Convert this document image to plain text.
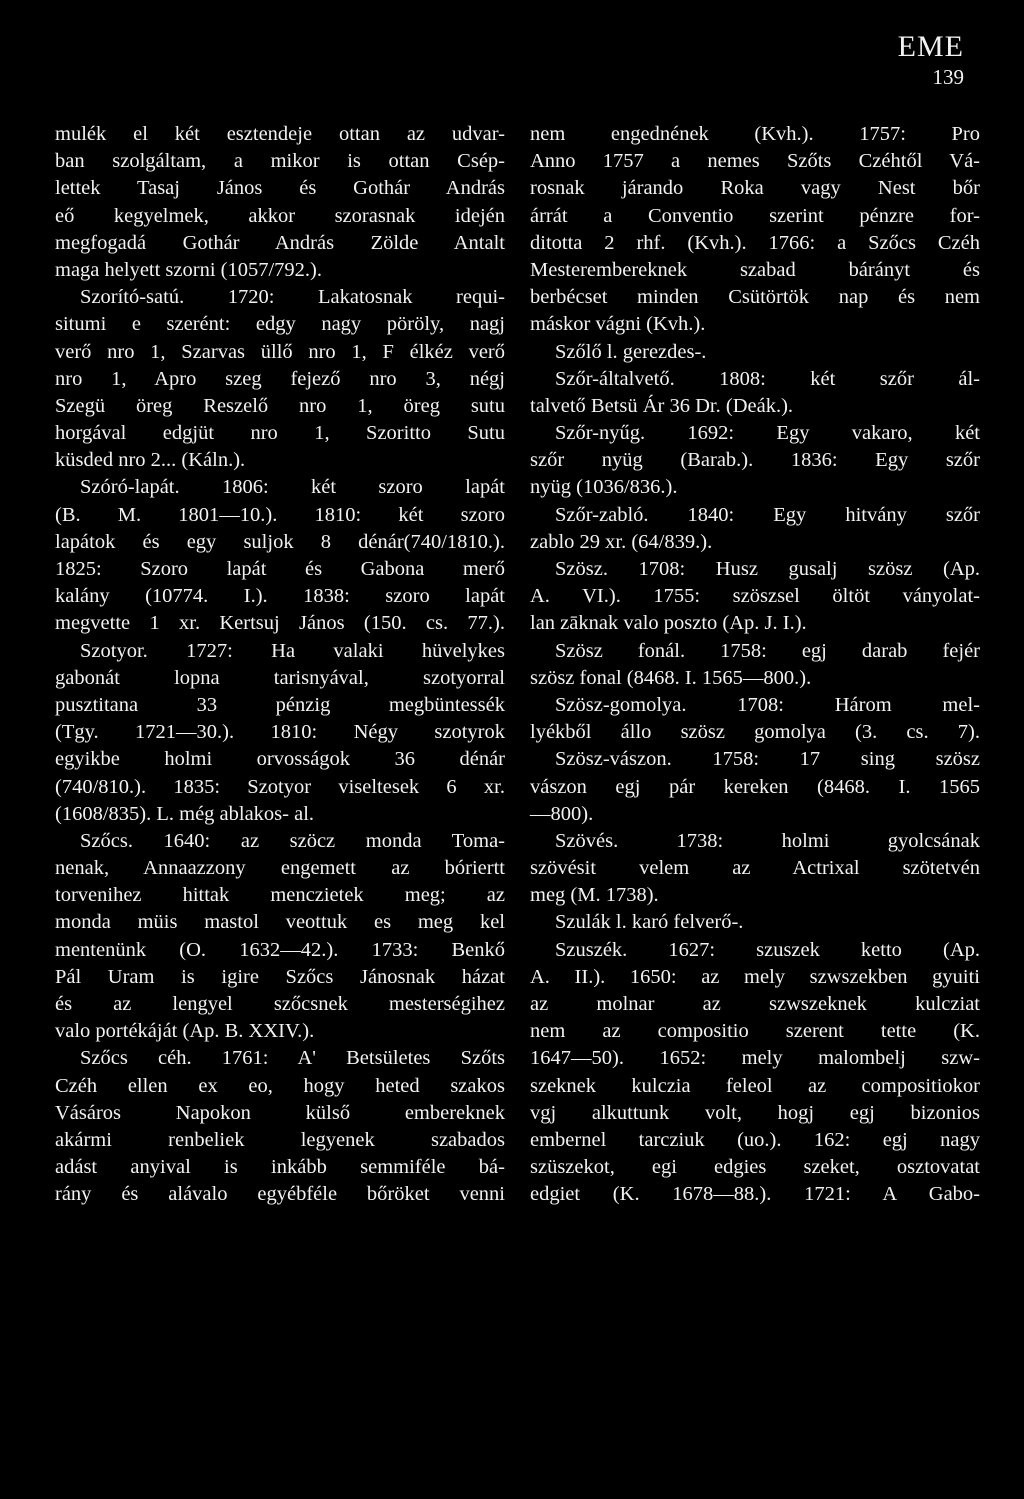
EME
139
mulék el két esztendeje ottan az udvar-
ban szolgáltam, a mikor is ottan Csép-
lettek Tasaj János és Gothár András
eő kegyelmek, akkor szorasnak idején
megfogadá Gothár András Zölde Antalt
maga helyett szorni (1057/792.).
Szorító-satú. 1720: Lakatosnak requi-
situmi e szerént: edgy nagy pöröly, nagj
verő nro 1, Szarvas üllő nro 1, F élkéz verő
nro 1, Apro szeg fejező nro 3, négj
Szegü öreg Reszelő nro 1, öreg sutu
horgával edgjüt nro 1, Szoritto Sutu
küsded nro 2... (Káln.).
Szóró-lapát. 1806: két szoro lapát
(B. M. 1801—10.). 1810: két szoro
lapátok és egy suljok 8 dénár(740/1810.).
1825: Szoro lapát és Gabona merő
kalány (10774. I.). 1838: szoro lapát
megvette 1 xr. Kertsuj János (150. cs. 77.).
Szotyor. 1727: Ha valaki hüvelykes
gabonát lopna tarisnyával, szotyorral
pusztitana 33 pénzig megbüntessék
(Tgy. 1721—30.). 1810: Négy szotyrok
egyikbe holmi orvosságok 36 dénár
(740/810.). 1835: Szotyor viseltesek 6 xr.
(1608/835). L. még ablakos- al.
Szőcs. 1640: az szöcz monda Toma-
nenak, Annaazzony engemett az bóriertt
torvenihez hittak menczietek meg; az
monda müis mastol veottuk es meg kel
mentenünk (O. 1632—42.). 1733: Benkő
Pál Uram is igire Szőcs Jánosnak házat
és az lengyel szőcsnek mesterségihez
valo portékáját (Ap. B. XXIV.).
Szőcs céh. 1761: A' Betsületes Szőts
Czéh ellen ex eo, hogy heted szakos
Vásáros Napokon külső embereknek
akármi renbeliek legyenek szabados
adást anyival is inkább semmiféle bá-
rány és alávalo egyébféle bőröket venni
nem engednének (Kvh.). 1757: Pro
Anno 1757 a nemes Szőts Czéhtől Vá-
rosnak járando Roka vagy Nest bőr
árrát a Conventio szerint pénzre for-
ditotta 2 rhf. (Kvh.). 1766: a Szőcs Czéh
Mesterembereknek szabad bárányt és
berbécset minden Csütörtök nap és nem
máskor vágni (Kvh.).
Szőlő l. gerezdes-.
Szőr-általvető. 1808: két szőr ál-
talvető Betsü Ár 36 Dr. (Deák.).
Szőr-nyűg. 1692: Egy vakaro, két
szőr nyüg (Barab.). 1836: Egy szőr
nyüg (1036/836.).
Szőr-zabló. 1840: Egy hitvány szőr
zablo 29 xr. (64/839.).
Szösz. 1708: Husz gusalj szösz (Ap.
A. VI.). 1755: szöszsel öltöt ványolat-
lan zāknak valo poszto (Ap. J. I.).
Szösz fonál. 1758: egj darab fejér
szösz fonal (8468. I. 1565—800.).
Szösz-gomolya. 1708: Három mel-
lyékből állo szösz gomolya (3. cs. 7).
Szösz-vászon. 1758: 17 sing szösz
vászon egj pár kereken (8468. I. 1565
—800).
Szövés. 1738: holmi gyolcsának
szövésit velem az Actrixal szötetvén
meg (M. 1738).
Szulák l. karó felverő-.
Szuszék. 1627: szuszek ketto (Ap.
A. II.). 1650: az mely szwszekben gyuiti
az molnar az szwszeknek kulcziat
nem az compositio szerent tette (K.
1647—50). 1652: mely malombelj szw-
szeknek kulczia feleol az compositiokor
vgj alkuttunk volt, hogj egj bizonios
embernel tarcziuk (uo.). 162: egj nagy
szüszekot, egi edgies szeket, osztovatat
edgiet (K. 1678—88.). 1721: A Gabo-
